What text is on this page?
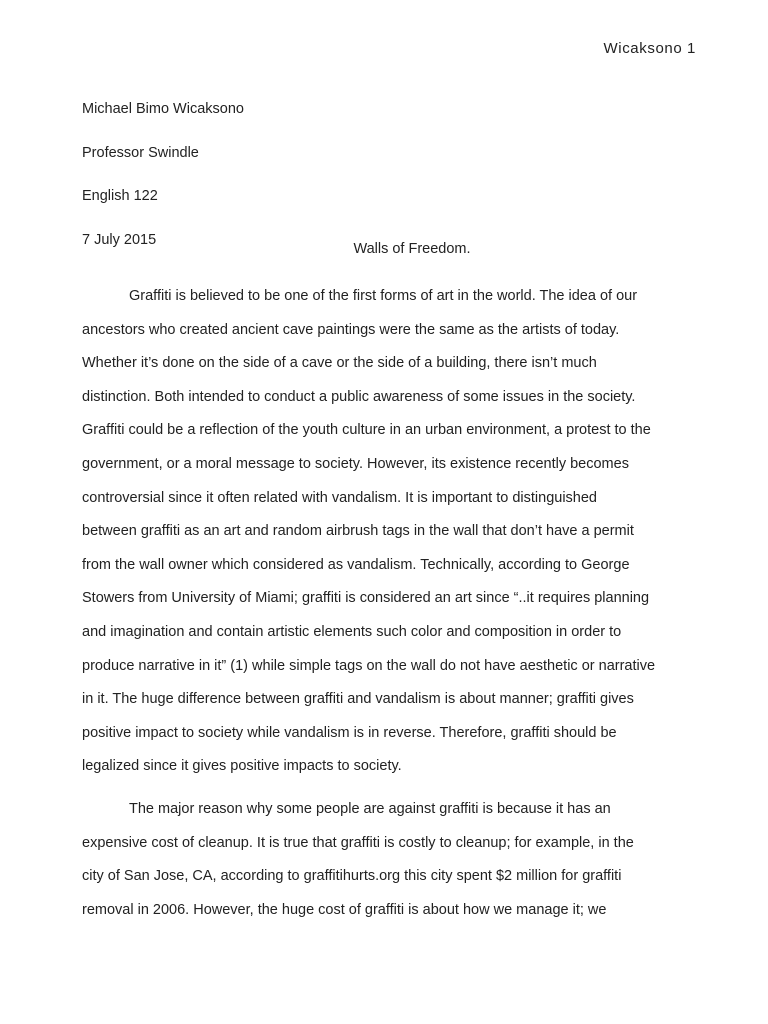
Wicaksono 1

Michael Bimo Wicaksono

Professor Swindle

English 122

7 July 2015

Walls of Freedom.
Graffiti is believed to be one of the first forms of art in the world. The idea of our
ancestors who created ancient cave paintings were the same as the artists of today.
Whether it’s done on the side of a cave or the side of a building, there isn’t much
distinction. Both intended to conduct a public awareness of some issues in the society.
Graffiti could be a reflection of the youth culture in an urban environment, a protest to the
government, or a moral message to society. However, its existence recently becomes
controversial since it often related with vandalism. It is important to distinguished
between graffiti as an art and random airbrush tags in the wall that don’t have a permit
from the wall owner which considered as vandalism. Technically, according to George
Stowers from University of Miami; graffiti is considered an art since “..it requires planning
and imagination and contain artistic elements such color and composition in order to
produce narrative in it” (1) while simple tags on the wall do not have aesthetic or narrative
in it. The huge difference between graffiti and vandalism is about manner; graffiti gives
positive impact to society while vandalism is in reverse. Therefore, graffiti should be
legalized since it gives positive impacts to society.
The major reason why some people are against graffiti is because it has an
expensive cost of cleanup. It is true that graffiti is costly to cleanup; for example, in the
city of San Jose, CA, according to graffitihurts.org this city spent $2 million for graffiti
removal in 2006. However, the huge cost of graffiti is about how we manage it; we
